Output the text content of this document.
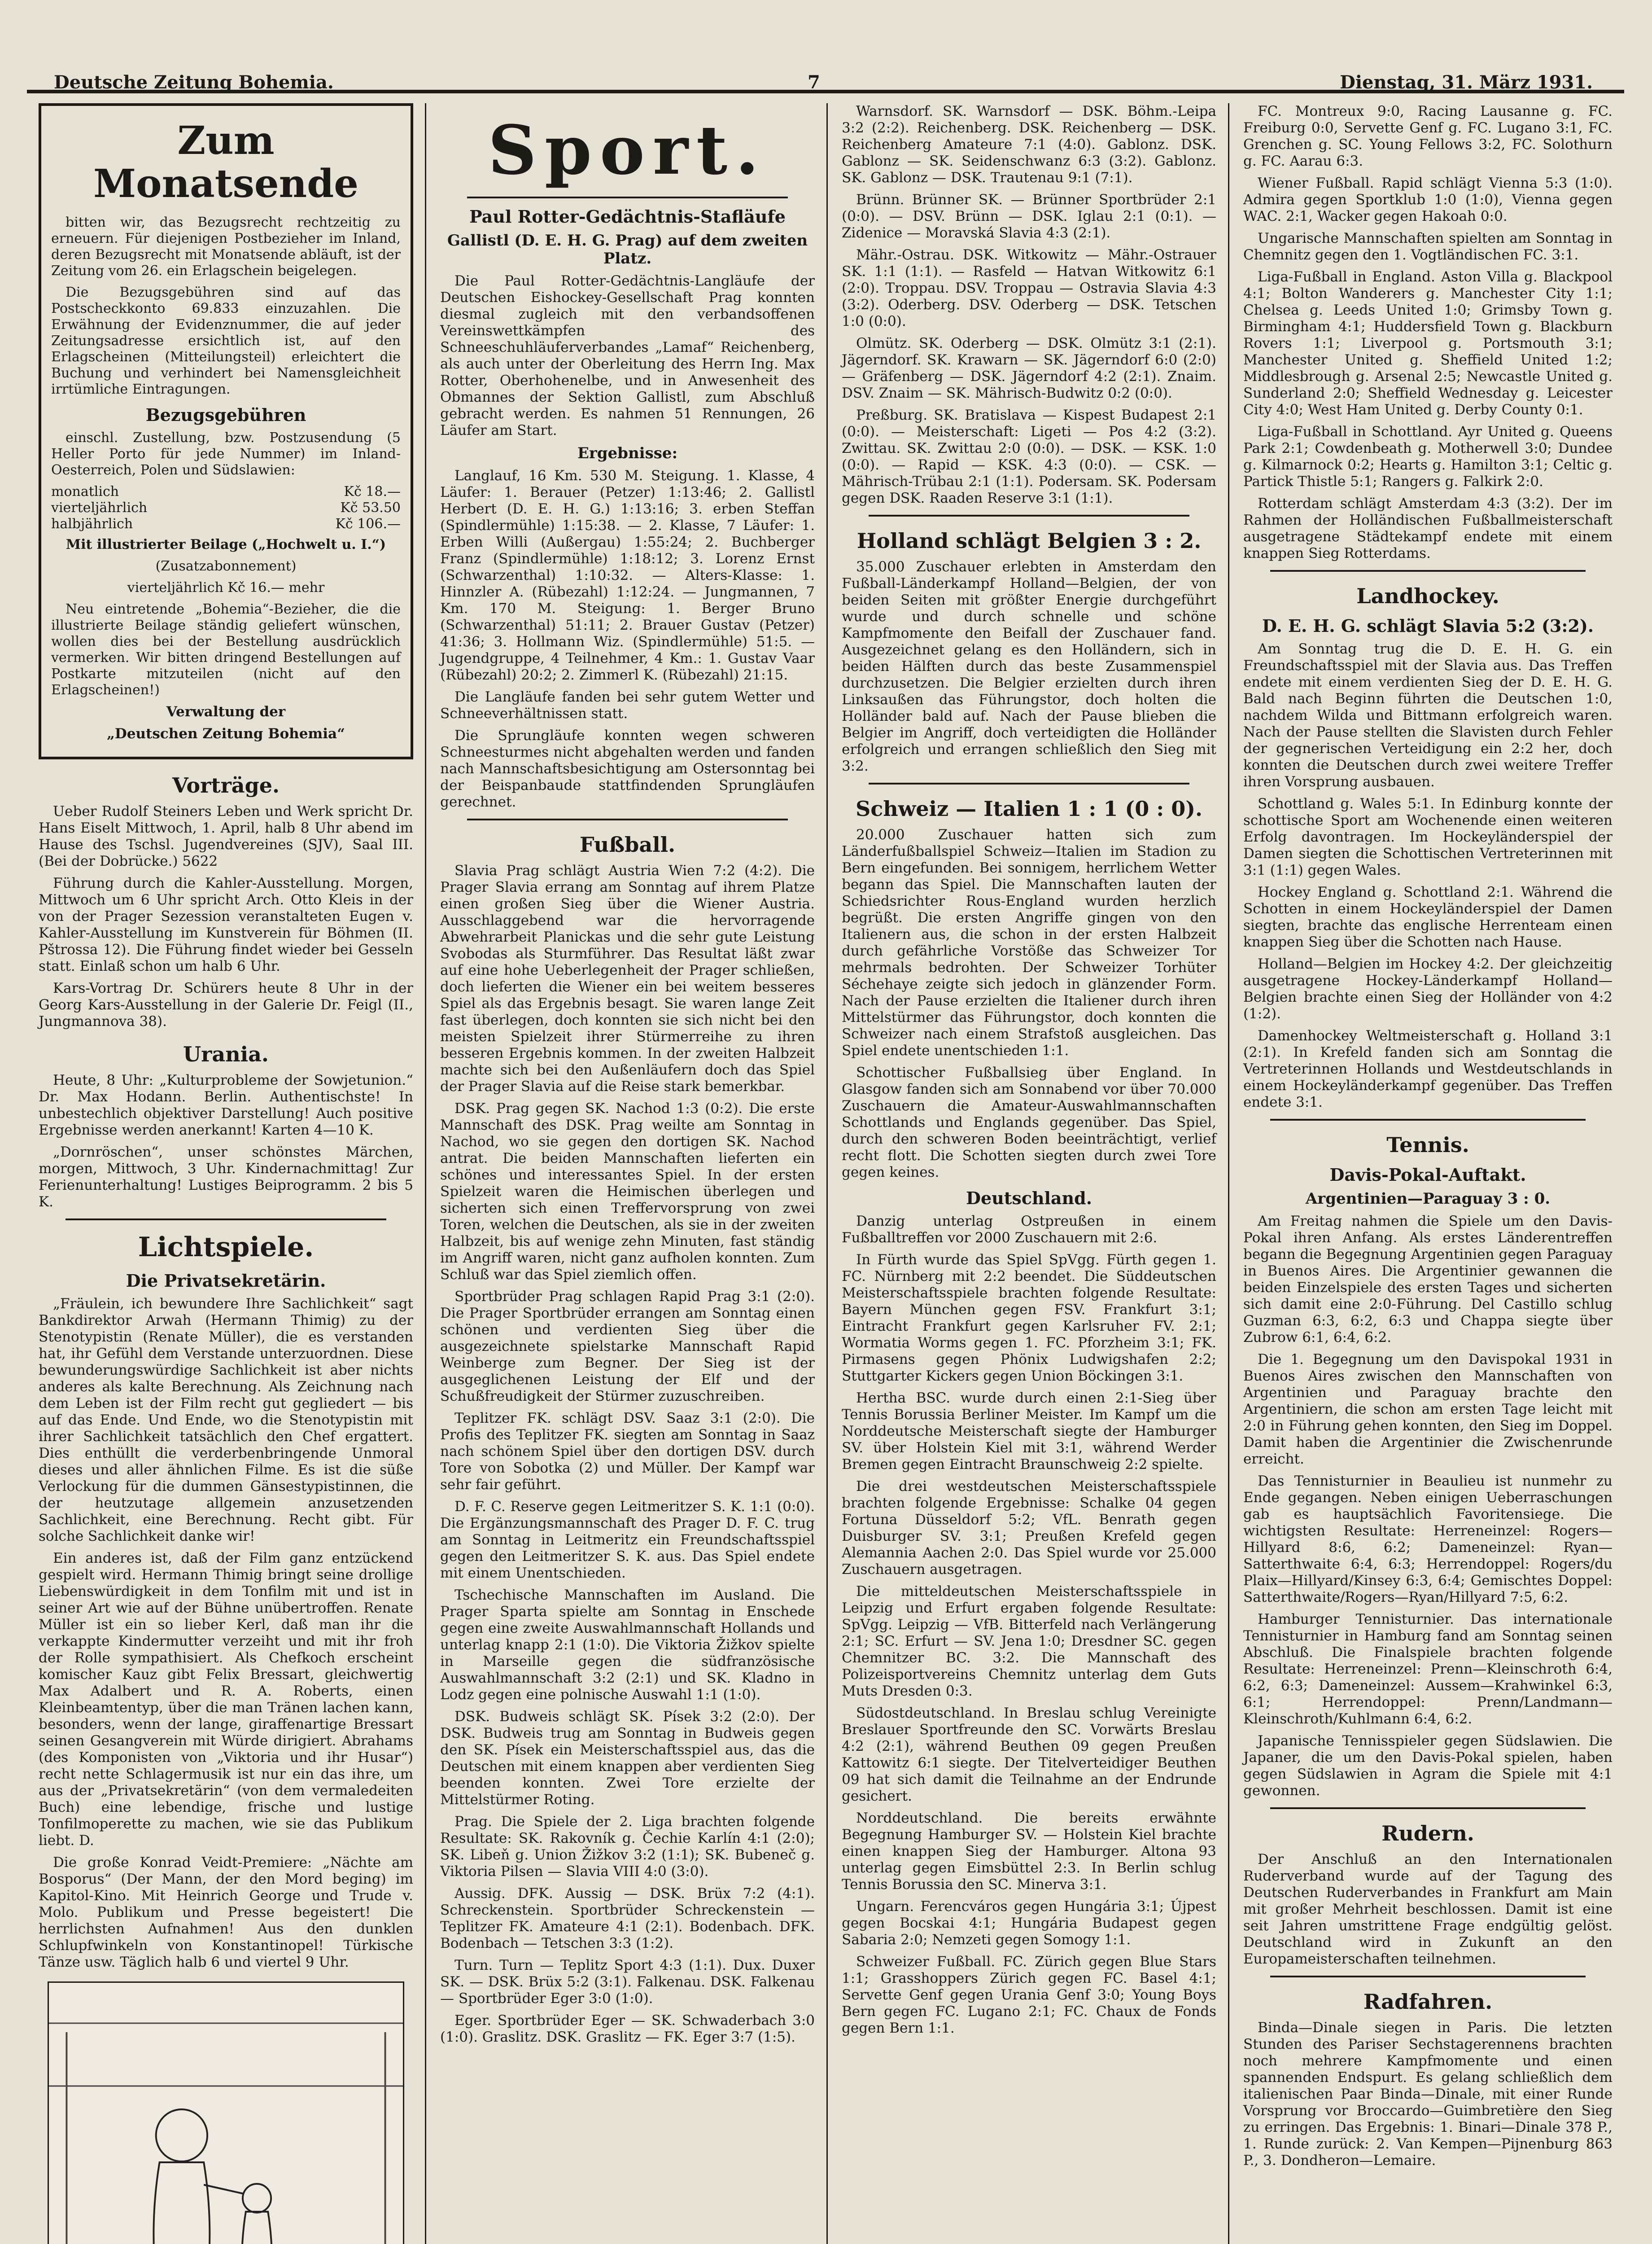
Deutsche Zeitung Bohemia.	7	Dienstag, 31. März 1931.
Zum Monatsende

bitten wir, das Bezugsrecht rechtzeitig zu erneuern. Für diejenigen Postbezieher im Inland, deren Bezugsrecht mit Monatsende abläuft, ist der Zeitung vom 26. ein Erlagschein beigelegen.

Die Bezugsgebühren sind auf das Postscheckkonto 69.833 einzuzahlen. Die Erwähnung der Evidenznummer, die auf jeder Zeitungsadresse ersichtlich ist, auf den Erlagscheinen (Mitteilungsteil) erleichtert die Buchung und verhindert bei Namensgleichheit irrtümliche Eintragungen.

Bezugsgebühren

einschl. Zustellung, bzw. Postzusendung (5 Heller Porto für jede Nummer) im Inland-Oesterreich, Polen und Südslawien:

monatlich	Kč 18.—
vierteljährlich	Kč 53.50
halbjährlich	Kč 106.—

Mit illustrierter Beilage („Hochwelt u. I.“)

(Zusatzabonnement)

vierteljährlich Kč 16.— mehr

Neu eintretende „Bohemia“-Bezieher, die die illustrierte Beilage ständig geliefert wünschen, wollen dies bei der Bestellung ausdrücklich vermerken. Wir bitten dringend Bestellungen auf Postkarte mitzuteilen (nicht auf den Erlagscheinen!)

Verwaltung der

„Deutschen Zeitung Bohemia“

Vorträge.

Ueber Rudolf Steiners Leben und Werk spricht Dr. Hans Eiselt Mittwoch, 1. April, halb 8 Uhr abend im Hause des Tschsl. Jugendvereines (SJV), Saal III. (Bei der Dobrücke.) 5622

Führung durch die Kahler-Ausstellung. Morgen, Mittwoch um 6 Uhr spricht Arch. Otto Kleis in der von der Prager Sezession veranstalteten Eugen v. Kahler-Ausstellung im Kunstverein für Böhmen (II. Pštrossa 12). Die Führung findet wieder bei Gesseln statt. Einlaß schon um halb 6 Uhr.

Kars-Vortrag Dr. Schürers heute 8 Uhr in der Georg Kars-Ausstellung in der Galerie Dr. Feigl (II., Jungmannova 38).

Urania.

Heute, 8 Uhr: „Kulturprobleme der Sowjetunion.“ Dr. Max Hodann. Berlin. Authentischste! In unbestechlich objektiver Darstellung! Auch positive Ergebnisse werden anerkannt! Karten 4—10 K.

„Dornröschen“, unser schönstes Märchen, morgen, Mittwoch, 3 Uhr. Kindernachmittag! Zur Ferienunterhaltung! Lustiges Beiprogramm. 2 bis 5 K.

Lichtspiele.
Die Privatsekretärin.

„Fräulein, ich bewundere Ihre Sachlichkeit“ sagt Bankdirektor Arwah (Hermann Thimig) zu der Stenotypistin (Renate Müller), die es verstanden hat, ihr Gefühl dem Verstande unterzuordnen. Diese bewunderungswürdige Sachlichkeit ist aber nichts anderes als kalte Berechnung. Als Zeichnung nach dem Leben ist der Film recht gut gegliedert — bis auf das Ende. Und Ende, wo die Stenotypistin mit ihrer Sachlichkeit tatsächlich den Chef ergattert. Dies enthüllt die verderbenbringende Unmoral dieses und aller ähnlichen Filme. Es ist die süße Verlockung für die dummen Gänsestypistinnen, die der heutzutage allgemein anzusetzenden Sachlichkeit, eine Berechnung. Recht gibt. Für solche Sachlichkeit danke wir!

Ein anderes ist, daß der Film ganz entzückend gespielt wird. Hermann Thimig bringt seine drollige Liebenswürdigkeit in dem Tonfilm mit und ist in seiner Art wie auf der Bühne unübertroffen. Renate Müller ist ein so lieber Kerl, daß man ihr die verkappte Kindermutter verzeiht und mit ihr froh der Rolle sympathisiert. Als Chefkoch erscheint komischer Kauz gibt Felix Bressart, gleichwertig Max Adalbert und R. A. Roberts, einen Kleinbeamtentyp, über die man Tränen lachen kann, besonders, wenn der lange, giraffenartige Bressart seinen Gesangverein mit Würde dirigiert. Abrahams (des Komponisten von „Viktoria und ihr Husar“) recht nette Schlagermusik ist nur ein das ihre, um aus der „Privatsekretärin“ (von dem vermaledeiten Buch) eine lebendige, frische und lustige Tonfilmoperette zu machen, wie sie das Publikum liebt. D.

Die große Konrad Veidt-Premiere: „Nächte am Bosporus“ (Der Mann, der den Mord beging) im Kapitol-Kino. Mit Heinrich George und Trude v. Molo. Publikum und Presse begeistert! Die herrlichsten Aufnahmen! Aus den dunklen Schlupfwinkeln von Konstantinopel! Türkische Tänze usw. Täglich halb 6 und viertel 9 Uhr.

Sport.
Paul Rotter-Gedächtnis-Stafläufe
Gallistl (D. E. H. G. Prag) auf dem zweiten Platz.

Die Paul Rotter-Gedächtnis-Langläufe der Deutschen Eishockey-Gesellschaft Prag konnten diesmal zugleich mit den verbandsoffenen Vereinswettkämpfen des Schneeschuhläuferverbandes „Lamaf“ Reichenberg, als auch unter der Oberleitung des Herrn Ing. Max Rotter, Oberhohenelbe, und in Anwesenheit des Obmannes der Sektion Gallistl, zum Abschluß gebracht werden. Es nahmen 51 Rennungen, 26 Läufer am Start.

Ergebnisse:

Langlauf, 16 Km. 530 M. Steigung. 1. Klasse, 4 Läufer: 1. Berauer (Petzer) 1:13:46; 2. Gallistl Herbert (D. E. H. G.) 1:13:16; 3. erben Steffan (Spindlermühle) 1:15:38. — 2. Klasse, 7 Läufer: 1. Erben Willi (Außergau) 1:55:24; 2. Buchberger Franz (Spindlermühle) 1:18:12; 3. Lorenz Ernst (Schwarzenthal) 1:10:32. — Alters-Klasse: 1. Hinnzler A. (Rübezahl) 1:12:24. — Jungmannen, 7 Km. 170 M. Steigung: 1. Berger Bruno (Schwarzenthal) 51:11; 2. Brauer Gustav (Petzer) 41:36; 3. Hollmann Wiz. (Spindlermühle) 51:5. — Jugendgruppe, 4 Teilnehmer, 4 Km.: 1. Gustav Vaar (Rübezahl) 20:2; 2. Zimmerl K. (Rübezahl) 21:15.

Die Langläufe fanden bei sehr gutem Wetter und Schneeverhältnissen statt.

Die Sprungläufe konnten wegen schweren Schneesturmes nicht abgehalten werden und fanden nach Mannschaftsbesichtigung am Ostersonntag bei der Beispanbaude stattfindenden Sprungläufen gerechnet.

Fußball.

Slavia Prag schlägt Austria Wien 7:2 (4:2). Die Prager Slavia errang am Sonntag auf ihrem Platze einen großen Sieg über die Wiener Austria. Ausschlaggebend war die hervorragende Abwehrarbeit Planickas und die sehr gute Leistung Svobodas als Sturmführer. Das Resultat läßt zwar auf eine hohe Ueberlegenheit der Prager schließen, doch lieferten die Wiener ein bei weitem besseres Spiel als das Ergebnis besagt. Sie waren lange Zeit fast überlegen, doch konnten sie sich nicht bei den meisten Spielzeit ihrer Stürmerreihe zu ihren besseren Ergebnis kommen. In der zweiten Halbzeit machte sich bei den Außenläufern doch das Spiel der Prager Slavia auf die Reise stark bemerkbar.

DSK. Prag gegen SK. Nachod 1:3 (0:2). Die erste Mannschaft des DSK. Prag weilte am Sonntag in Nachod, wo sie gegen den dortigen SK. Nachod antrat. Die beiden Mannschaften lieferten ein schönes und interessantes Spiel. In der ersten Spielzeit waren die Heimischen überlegen und sicherten sich einen Treffervorsprung von zwei Toren, welchen die Deutschen, als sie in der zweiten Halbzeit, bis auf wenige zehn Minuten, fast ständig im Angriff waren, nicht ganz aufholen konnten. Zum Schluß war das Spiel ziemlich offen.

Sportbrüder Prag schlagen Rapid Prag 3:1 (2:0). Die Prager Sportbrüder errangen am Sonntag einen schönen und verdienten Sieg über die ausgezeichnete spielstarke Mannschaft Rapid Weinberge zum Begner. Der Sieg ist der ausgeglichenen Leistung der Elf und der Schußfreudigkeit der Stürmer zuzuschreiben.

Teplitzer FK. schlägt DSV. Saaz 3:1 (2:0). Die Profis des Teplitzer FK. siegten am Sonntag in Saaz nach schönem Spiel über den dortigen DSV. durch Tore von Sobotka (2) und Müller. Der Kampf war sehr fair geführt.

D. F. C. Reserve gegen Leitmeritzer S. K. 1:1 (0:0). Die Ergänzungsmannschaft des Prager D. F. C. trug am Sonntag in Leitmeritz ein Freundschaftsspiel gegen den Leitmeritzer S. K. aus. Das Spiel endete mit einem Unentschieden.

Tschechische Mannschaften im Ausland. Die Prager Sparta spielte am Sonntag in Enschede gegen eine zweite Auswahlmannschaft Hollands und unterlag knapp 2:1 (1:0). Die Viktoria Žižkov spielte in Marseille gegen die südfranzösische Auswahlmannschaft 3:2 (2:1) und SK. Kladno in Lodz gegen eine polnische Auswahl 1:1 (1:0).

DSK. Budweis schlägt SK. Písek 3:2 (2:0). Der DSK. Budweis trug am Sonntag in Budweis gegen den SK. Písek ein Meisterschaftsspiel aus, das die Deutschen mit einem knappen aber verdienten Sieg beenden konnten. Zwei Tore erzielte der Mittelstürmer Roting.

Prag. Die Spiele der 2. Liga brachten folgende Resultate: SK. Rakovník g. Čechie Karlín 4:1 (2:0); SK. Libeň g. Union Žižkov 3:2 (1:1); SK. Bubeneč g. Viktoria Pilsen — Slavia VIII 4:0 (3:0).

Aussig. DFK. Aussig — DSK. Brüx 7:2 (4:1). Schreckenstein. Sportbrüder Schreckenstein — Teplitzer FK. Amateure 4:1 (2:1). Bodenbach. DFK. Bodenbach — Tetschen 3:3 (1:2).

Turn. Turn — Teplitz Sport 4:3 (1:1). Dux. Duxer SK. — DSK. Brüx 5:2 (3:1). Falkenau. DSK. Falkenau — Sportbrüder Eger 3:0 (1:0).

Eger. Sportbrüder Eger — SK. Schwaderbach 3:0 (1:0). Graslitz. DSK. Graslitz — FK. Eger 3:7 (1:5).

Warnsdorf. SK. Warnsdorf — DSK. Böhm.-Leipa 3:2 (2:2). Reichenberg. DSK. Reichenberg — DSK. Reichenberg Amateure 7:1 (4:0). Gablonz. DSK. Gablonz — SK. Seidenschwanz 6:3 (3:2). Gablonz. SK. Gablonz — DSK. Trautenau 9:1 (7:1).

Brünn. Brünner SK. — Brünner Sportbrüder 2:1 (0:0). — DSV. Brünn — DSK. Iglau 2:1 (0:1). — Zidenice — Moravská Slavia 4:3 (2:1).

Mähr.-Ostrau. DSK. Witkowitz — Mähr.-Ostrauer SK. 1:1 (1:1). — Rasfeld — Hatvan Witkowitz 6:1 (2:0). Troppau. DSV. Troppau — Ostravia Slavia 4:3 (3:2). Oderberg. DSV. Oderberg — DSK. Tetschen 1:0 (0:0).

Olmütz. SK. Oderberg — DSK. Olmütz 3:1 (2:1). Jägerndorf. SK. Krawarn — SK. Jägerndorf 6:0 (2:0) — Gräfenberg — DSK. Jägerndorf 4:2 (2:1). Znaim. DSV. Znaim — SK. Mährisch-Budwitz 0:2 (0:0).

Preßburg. SK. Bratislava — Kispest Budapest 2:1 (0:0). — Meisterschaft: Ligeti — Pos 4:2 (3:2). Zwittau. SK. Zwittau 2:0 (0:0). — DSK. — KSK. 1:0 (0:0). — Rapid — KSK. 4:3 (0:0). — CSK. — Mährisch-Trübau 2:1 (1:1). Podersam. SK. Podersam gegen DSK. Raaden Reserve 3:1 (1:1).

Holland schlägt Belgien 3 : 2.

35.000 Zuschauer erlebten in Amsterdam den Fußball-Länderkampf Holland—Belgien, der von beiden Seiten mit größter Energie durchgeführt wurde und durch schnelle und schöne Kampfmomente den Beifall der Zuschauer fand. Ausgezeichnet gelang es den Holländern, sich in beiden Hälften durch das beste Zusammenspiel durchzusetzen. Die Belgier erzielten durch ihren Linksaußen das Führungstor, doch holten die Holländer bald auf. Nach der Pause blieben die Belgier im Angriff, doch verteidigten die Holländer erfolgreich und errangen schließlich den Sieg mit 3:2.

Schweiz — Italien 1 : 1 (0 : 0).

20.000 Zuschauer hatten sich zum Länderfußballspiel Schweiz—Italien im Stadion zu Bern eingefunden. Bei sonnigem, herrlichem Wetter begann das Spiel. Die Mannschaften lauten der Schiedsrichter Rous-England wurden herzlich begrüßt. Die ersten Angriffe gingen von den Italienern aus, die schon in der ersten Halbzeit durch gefährliche Vorstöße das Schweizer Tor mehrmals bedrohten. Der Schweizer Torhüter Séchehaye zeigte sich jedoch in glänzender Form. Nach der Pause erzielten die Italiener durch ihren Mittelstürmer das Führungstor, doch konnten die Schweizer nach einem Strafstoß ausgleichen. Das Spiel endete unentschieden 1:1.

Schottischer Fußballsieg über England. In Glasgow fanden sich am Sonnabend vor über 70.000 Zuschauern die Amateur-Auswahlmannschaften Schottlands und Englands gegenüber. Das Spiel, durch den schweren Boden beeinträchtigt, verlief recht flott. Die Schotten siegten durch zwei Tore gegen keines.

Deutschland.

Danzig unterlag Ostpreußen in einem Fußballtreffen vor 2000 Zuschauern mit 2:6.

In Fürth wurde das Spiel SpVgg. Fürth gegen 1. FC. Nürnberg mit 2:2 beendet. Die Süddeutschen Meisterschaftsspiele brachten folgende Resultate: Bayern München gegen FSV. Frankfurt 3:1; Eintracht Frankfurt gegen Karlsruher FV. 2:1; Wormatia Worms gegen 1. FC. Pforzheim 3:1; FK. Pirmasens gegen Phönix Ludwigshafen 2:2; Stuttgarter Kickers gegen Union Böckingen 3:1.

Hertha BSC. wurde durch einen 2:1-Sieg über Tennis Borussia Berliner Meister. Im Kampf um die Norddeutsche Meisterschaft siegte der Hamburger SV. über Holstein Kiel mit 3:1, während Werder Bremen gegen Eintracht Braunschweig 2:2 spielte.

Die drei westdeutschen Meisterschaftsspiele brachten folgende Ergebnisse: Schalke 04 gegen Fortuna Düsseldorf 5:2; VfL. Benrath gegen Duisburger SV. 3:1; Preußen Krefeld gegen Alemannia Aachen 2:0. Das Spiel wurde vor 25.000 Zuschauern ausgetragen.

Die mitteldeutschen Meisterschaftsspiele in Leipzig und Erfurt ergaben folgende Resultate: SpVgg. Leipzig — VfB. Bitterfeld nach Verlängerung 2:1; SC. Erfurt — SV. Jena 1:0; Dresdner SC. gegen Chemnitzer BC. 3:2. Die Mannschaft des Polizeisportvereins Chemnitz unterlag dem Guts Muts Dresden 0:3.

Südostdeutschland. In Breslau schlug Vereinigte Breslauer Sportfreunde den SC. Vorwärts Breslau 4:2 (2:1), während Beuthen 09 gegen Preußen Kattowitz 6:1 siegte. Der Titelverteidiger Beuthen 09 hat sich damit die Teilnahme an der Endrunde gesichert.

Norddeutschland. Die bereits erwähnte Begegnung Hamburger SV. — Holstein Kiel brachte einen knappen Sieg der Hamburger. Altona 93 unterlag gegen Eimsbüttel 2:3. In Berlin schlug Tennis Borussia den SC. Minerva 3:1.

Ungarn. Ferencváros gegen Hungária 3:1; Újpest gegen Bocskai 4:1; Hungária Budapest gegen Sabaria 2:0; Nemzeti gegen Somogy 1:1.

Schweizer Fußball. FC. Zürich gegen Blue Stars 1:1; Grasshoppers Zürich gegen FC. Basel 4:1; Servette Genf gegen Urania Genf 3:0; Young Boys Bern gegen FC. Lugano 2:1; FC. Chaux de Fonds gegen Bern 1:1.

FC. Montreux 9:0, Racing Lausanne g. FC. Freiburg 0:0, Servette Genf g. FC. Lugano 3:1, FC. Grenchen g. SC. Young Fellows 3:2, FC. Solothurn g. FC. Aarau 6:3.

Wiener Fußball. Rapid schlägt Vienna 5:3 (1:0). Admira gegen Sportklub 1:0 (1:0), Vienna gegen WAC. 2:1, Wacker gegen Hakoah 0:0.

Ungarische Mannschaften spielten am Sonntag in Chemnitz gegen den 1. Vogtländischen FC. 3:1.

Liga-Fußball in England. Aston Villa g. Blackpool 4:1; Bolton Wanderers g. Manchester City 1:1; Chelsea g. Leeds United 1:0; Grimsby Town g. Birmingham 4:1; Huddersfield Town g. Blackburn Rovers 1:1; Liverpool g. Portsmouth 3:1; Manchester United g. Sheffield United 1:2; Middlesbrough g. Arsenal 2:5; Newcastle United g. Sunderland 2:0; Sheffield Wednesday g. Leicester City 4:0; West Ham United g. Derby County 0:1.

Liga-Fußball in Schottland. Ayr United g. Queens Park 2:1; Cowdenbeath g. Motherwell 3:0; Dundee g. Kilmarnock 0:2; Hearts g. Hamilton 3:1; Celtic g. Partick Thistle 5:1; Rangers g. Falkirk 2:0.

Rotterdam schlägt Amsterdam 4:3 (3:2). Der im Rahmen der Holländischen Fußballmeisterschaft ausgetragene Städtekampf endete mit einem knappen Sieg Rotterdams.

Landhockey.
D. E. H. G. schlägt Slavia 5:2 (3:2).

Am Sonntag trug die D. E. H. G. ein Freundschaftsspiel mit der Slavia aus. Das Treffen endete mit einem verdienten Sieg der D. E. H. G. Bald nach Beginn führten die Deutschen 1:0, nachdem Wilda und Bittmann erfolgreich waren. Nach der Pause stellten die Slavisten durch Fehler der gegnerischen Verteidigung ein 2:2 her, doch konnten die Deutschen durch zwei weitere Treffer ihren Vorsprung ausbauen.

Schottland g. Wales 5:1. In Edinburg konnte der schottische Sport am Wochenende einen weiteren Erfolg davontragen. Im Hockeyländerspiel der Damen siegten die Schottischen Vertreterinnen mit 3:1 (1:1) gegen Wales.

Hockey England g. Schottland 2:1. Während die Schotten in einem Hockeyländerspiel der Damen siegten, brachte das englische Herrenteam einen knappen Sieg über die Schotten nach Hause.

Holland—Belgien im Hockey 4:2. Der gleichzeitig ausgetragene Hockey-Länderkampf Holland—Belgien brachte einen Sieg der Holländer von 4:2 (1:2).

Damenhockey Weltmeisterschaft g. Holland 3:1 (2:1). In Krefeld fanden sich am Sonntag die Vertreterinnen Hollands und Westdeutschlands in einem Hockeyländerkampf gegenüber. Das Treffen endete 3:1.

Tennis.
Davis-Pokal-Auftakt.
Argentinien—Paraguay 3 : 0.

Am Freitag nahmen die Spiele um den Davis-Pokal ihren Anfang. Als erstes Länderentreffen begann die Begegnung Argentinien gegen Paraguay in Buenos Aires. Die Argentinier gewannen die beiden Einzelspiele des ersten Tages und sicherten sich damit eine 2:0-Führung. Del Castillo schlug Guzman 6:3, 6:2, 6:3 und Chappa siegte über Zubrow 6:1, 6:4, 6:2.

Die 1. Begegnung um den Davispokal 1931 in Buenos Aires zwischen den Mannschaften von Argentinien und Paraguay brachte den Argentiniern, die schon am ersten Tage leicht mit 2:0 in Führung gehen konnten, den Sieg im Doppel. Damit haben die Argentinier die Zwischenrunde erreicht.

Das Tennisturnier in Beaulieu ist nunmehr zu Ende gegangen. Neben einigen Ueberraschungen gab es hauptsächlich Favoritensiege. Die wichtigsten Resultate: Herreneinzel: Rogers—Hillyard 8:6, 6:2; Dameneinzel: Ryan—Satterthwaite 6:4, 6:3; Herrendoppel: Rogers/du Plaix—Hillyard/Kinsey 6:3, 6:4; Gemischtes Doppel: Satterthwaite/Rogers—Ryan/Hillyard 7:5, 6:2.

Hamburger Tennisturnier. Das internationale Tennisturnier in Hamburg fand am Sonntag seinen Abschluß. Die Finalspiele brachten folgende Resultate: Herreneinzel: Prenn—Kleinschroth 6:4, 6:2, 6:3; Dameneinzel: Aussem—Krahwinkel 6:3, 6:1; Herrendoppel: Prenn/Landmann—Kleinschroth/Kuhlmann 6:4, 6:2.

Japanische Tennisspieler gegen Südslawien. Die Japaner, die um den Davis-Pokal spielen, haben gegen Südslawien in Agram die Spiele mit 4:1 gewonnen.

Rudern.

Der Anschluß an den Internationalen Ruderverband wurde auf der Tagung des Deutschen Ruderverbandes in Frankfurt am Main mit großer Mehrheit beschlossen. Damit ist eine seit Jahren umstrittene Frage endgültig gelöst. Deutschland wird in Zukunft an den Europameisterschaften teilnehmen.

Radfahren.

Binda—Dinale siegen in Paris. Die letzten Stunden des Pariser Sechstagerennens brachten noch mehrere Kampfmomente und einen spannenden Endspurt. Es gelang schließlich dem italienischen Paar Binda—Dinale, mit einer Runde Vorsprung vor Broccardo—Guimbretière den Sieg zu erringen. Das Ergebnis: 1. Binari—Dinale 378 P., 1. Runde zurück: 2. Van Kempen—Pijnenburg 863 P., 3. Dondheron—Lemaire.
